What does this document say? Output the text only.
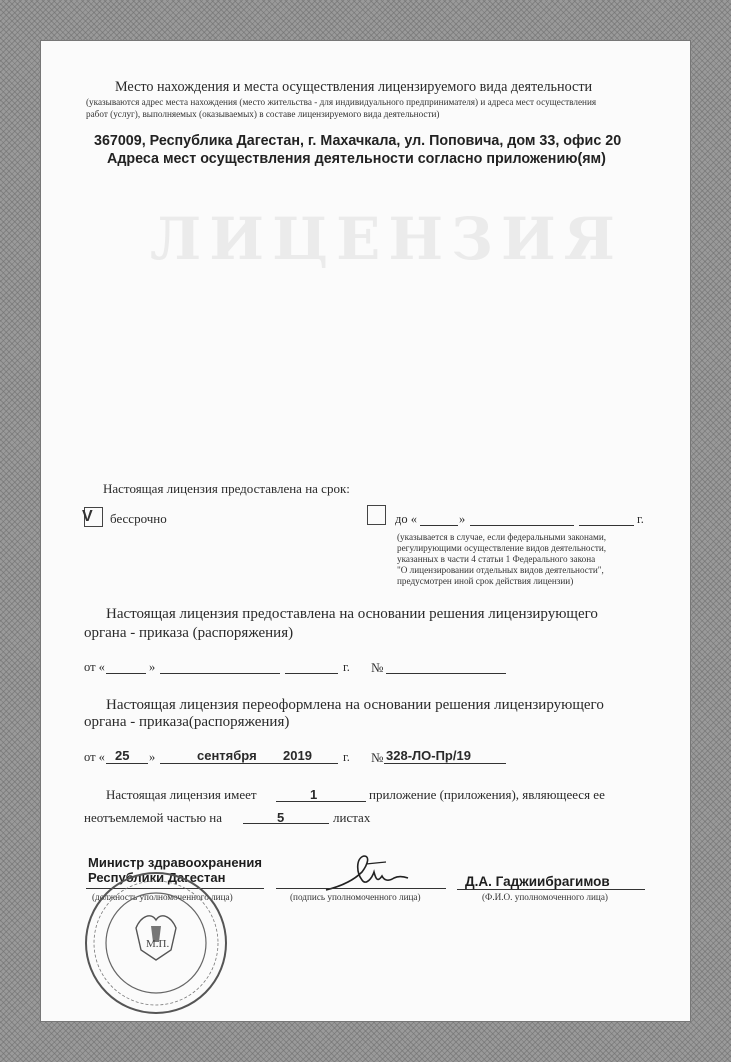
ЛИЦЕНЗИЯ
Место нахождения и места осуществления лицензируемого вида деятельности
(указываются адрес места нахождения (место жительства - для индивидуального предпринимателя) и адреса мест осуществления
работ (услуг), выполняемых (оказываемых) в составе лицензируемого вида деятельности)
367009, Республика Дагестан, г. Махачкала, ул. Поповича, дом 33, офис 20
Адреса мест осуществления деятельности согласно приложению(ям)
Настоящая лицензия предоставлена на срок:
V бессрочно	до «	»	г.
(указывается в случае, если федеральными законами,
регулирующими осуществление видов деятельности,
указанных в части 4 статьи 1 Федерального закона
"О лицензировании отдельных видов деятельности",
предусмотрен иной срок действия лицензии)
Настоящая лицензия предоставлена на основании решения лицензирующего
органа - приказа (распоряжения)
от «	»	г. №
Настоящая лицензия переоформлена на основании решения лицензирующего
органа - приказа(распоряжения)
от « 25 »	сентября 2019 г. № 328-ЛО-Пр/19
Настоящая лицензия имеет	1	приложение (приложения), являющееся ее
неотъемлемой частью на	5	листах
Министр здравоохранения
Республики Дагестан
(должность уполномоченного лица)	(подпись уполномоченного лица)
Д.А. Гаджиибрагимов
(Ф.И.О. уполномоченного лица)
М.П.
